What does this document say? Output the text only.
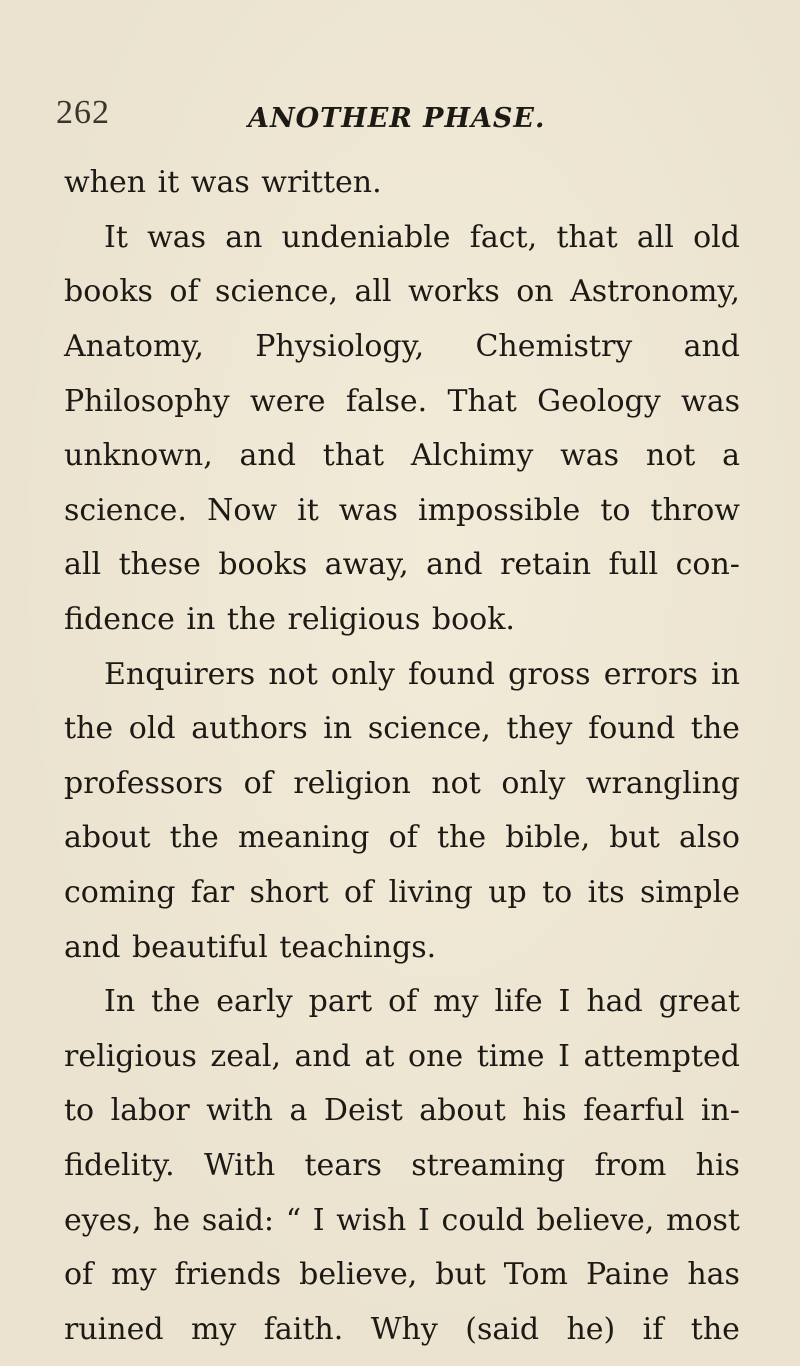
262	ANOTHER PHASE.
when it was written.
It was an undeniable fact, that all old
books of science, all works on Astronomy,
Anatomy, Physiology, Chemistry and
Philosophy were false. That Geology was
unknown, and that Alchimy was not a
science. Now it was impossible to throw
all these books away, and retain full con-
fidence in the religious book.
Enquirers not only found gross errors in
the old authors in science, they found the
professors of religion not only wrangling
about the meaning of the bible, but also
coming far short of living up to its simple
and beautiful teachings.
In the early part of my life I had great
religious zeal, and at one time I attempted
to labor with a Deist about his fearful in-
fidelity. With tears streaming from his
eyes, he said: “ I wish I could believe, most
of my friends believe, but Tom Paine has
ruined my faith. Why (said he) if the
